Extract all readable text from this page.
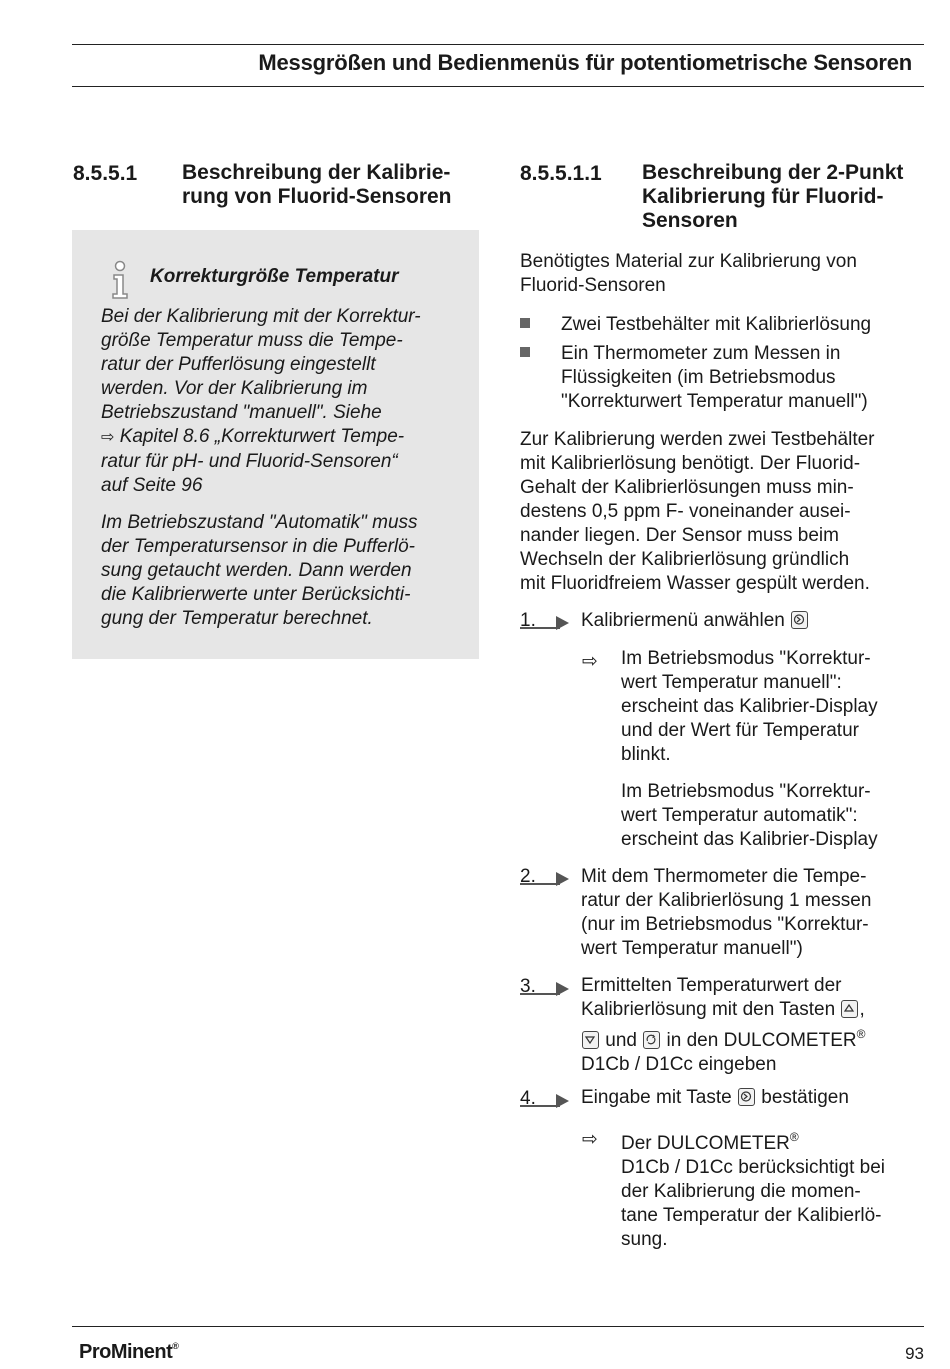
Messgrößen und Bedienmenüs für potentiometrische Sensoren
8.5.5.1 Beschreibung der Kalibrie-
rung von Fluorid-Sensoren
Korrekturgröße Temperatur

Bei der Kalibrierung mit der Korrektur-

größe Temperatur muss die Tempe-

ratur der Pufferlösung eingestellt

werden. Vor der Kalibrierung im

Betriebszustand "manuell". Siehe

⇨ Kapitel 8.6 „Korrekturwert Tempe-

ratur für pH- und Fluorid-Sensoren“

auf Seite 96

Im Betriebszustand "Automatik" muss

der Temperatursensor in die Pufferlö-

sung getaucht werden. Dann werden

die Kalibrierwerte unter Berücksichti-

gung der Temperatur berechnet.

8.5.5.1.1 Beschreibung der 2-Punkt
Kalibrierung für Fluorid-
Sensoren

Benötigtes Material zur Kalibrierung von

Fluorid-Sensoren

Zwei Testbehälter mit Kalibrierlösung
Ein Thermometer zum Messen in
Flüssigkeiten (im Betriebsmodus
"Korrekturwert Temperatur manuell")

Zur Kalibrierung werden zwei Testbehälter

mit Kalibrierlösung benötigt. Der Fluorid-

Gehalt der Kalibrierlösungen muss min-

destens 0,5 ppm F- voneinander ausei-

nander liegen. Der Sensor muss beim

Wechseln der Kalibrierlösung gründlich

mit Fluoridfreiem Wasser gespült werden.

1. Kalibriermenü anwählen
⇨ Im Betriebsmodus "Korrektur-
wert Temperatur manuell":
erscheint das Kalibrier-Display
und der Wert für Temperatur
blinkt.
Im Betriebsmodus "Korrektur-
wert Temperatur automatik":
erscheint das Kalibrier-Display
2. Mit dem Thermometer die Tempe-
ratur der Kalibrierlösung 1 messen
(nur im Betriebsmodus "Korrektur-
wert Temperatur manuell")
3. Ermittelten Temperaturwert der
Kalibrierlösung mit den Tasten ,
und in den DULCOMETER®
D1Cb / D1Cc eingeben
4. Eingabe mit Taste bestätigen
⇨ Der DULCOMETER®
D1Cb / D1Cc berücksichtigt bei
der Kalibrierung die momen-
tane Temperatur der Kalibierlö-
sung.
ProMinent®	93
